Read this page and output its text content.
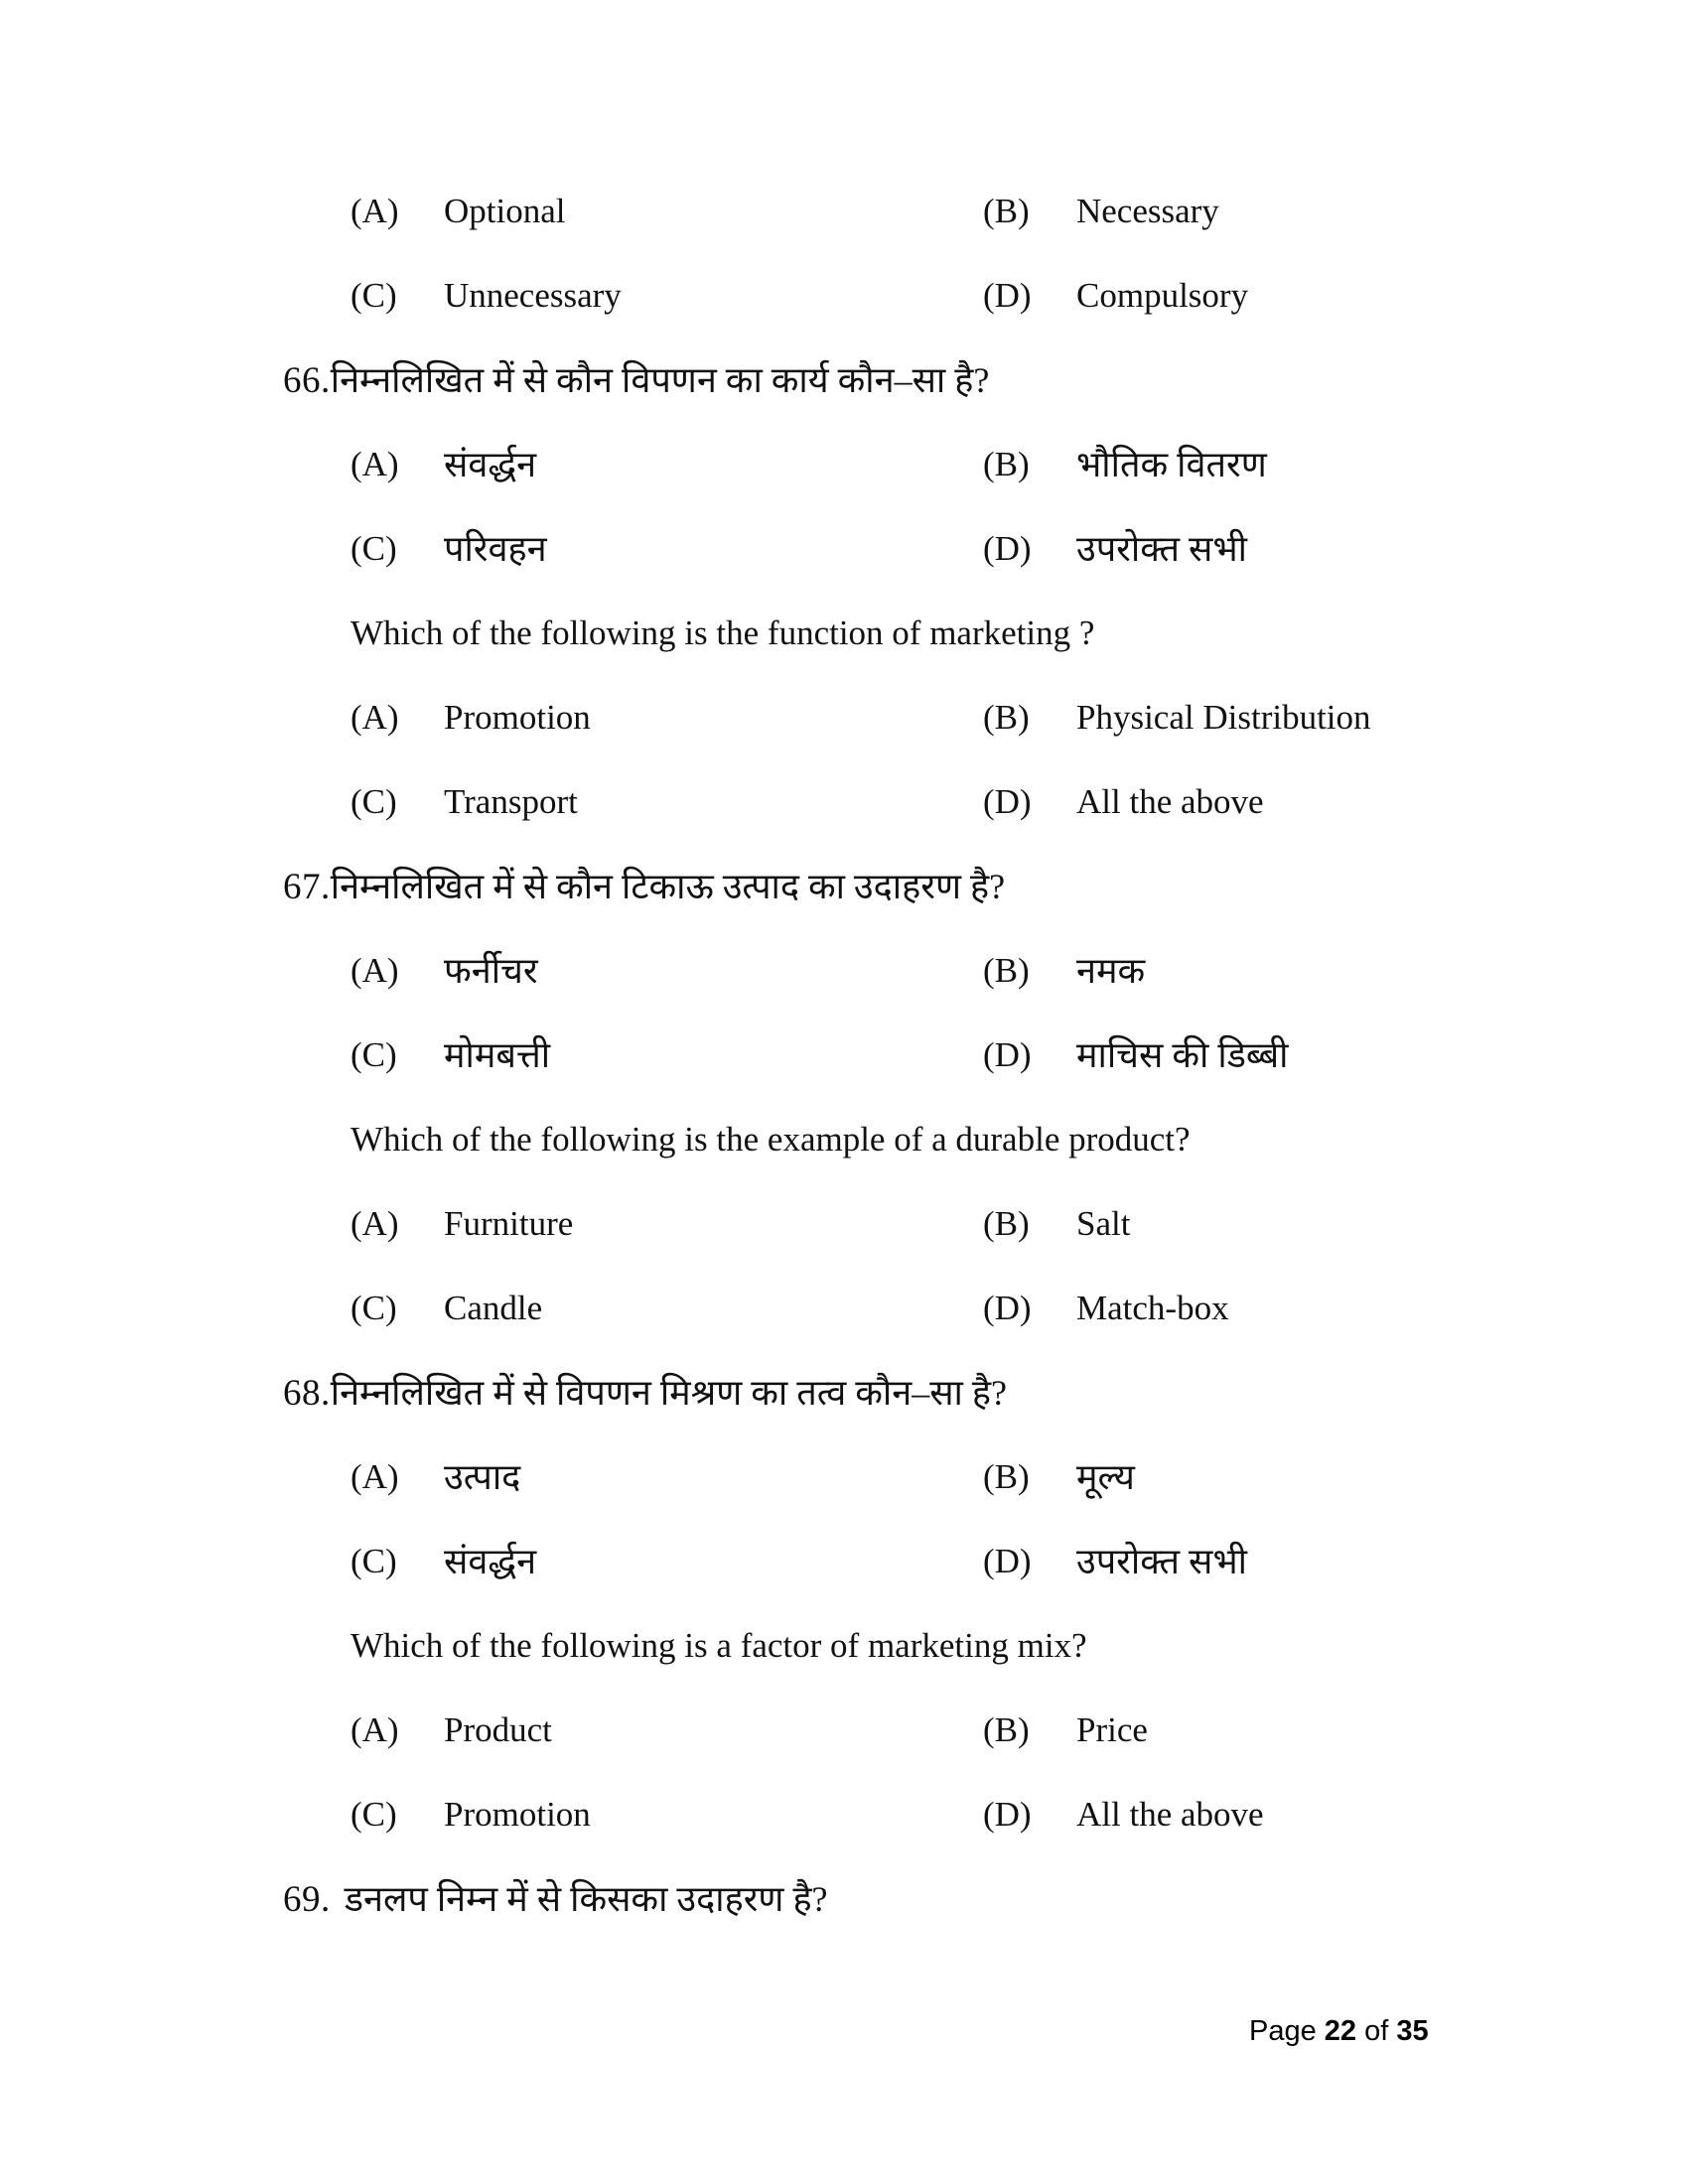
(A)	Optional	(B)	Necessary
(C)	Unnecessary	(D)	Compulsory
66.निम्नलिखित में से कौन विपणन का कार्य कौन–सा है?
(A)	संवर्द्धन	(B)	भौतिक वितरण
(C)	परिवहन	(D)	उपरोक्त सभी
Which of the following is the function of marketing ?
(A)	Promotion	(B)	Physical Distribution
(C)	Transport	(D)	All the above
67.निम्नलिखित में से कौन टिकाऊ उत्पाद का उदाहरण है?
(A)	फर्नीचर	(B)	नमक
(C)	मोमबत्ती	(D)	माचिस की डिब्बी
Which of the following is the example of a durable product?
(A)	Furniture	(B)	Salt
(C)	Candle	(D)	Match-box
68.निम्नलिखित में से विपणन मिश्रण का तत्व कौन–सा है?
(A)	उत्पाद	(B)	मूल्य
(C)	संवर्द्धन	(D)	उपरोक्त सभी
Which of the following is a factor of marketing mix?
(A)	Product	(B)	Price
(C)	Promotion	(D)	All the above
69. डनलप निम्न में से किसका उदाहरण है?
Page 22 of 35
